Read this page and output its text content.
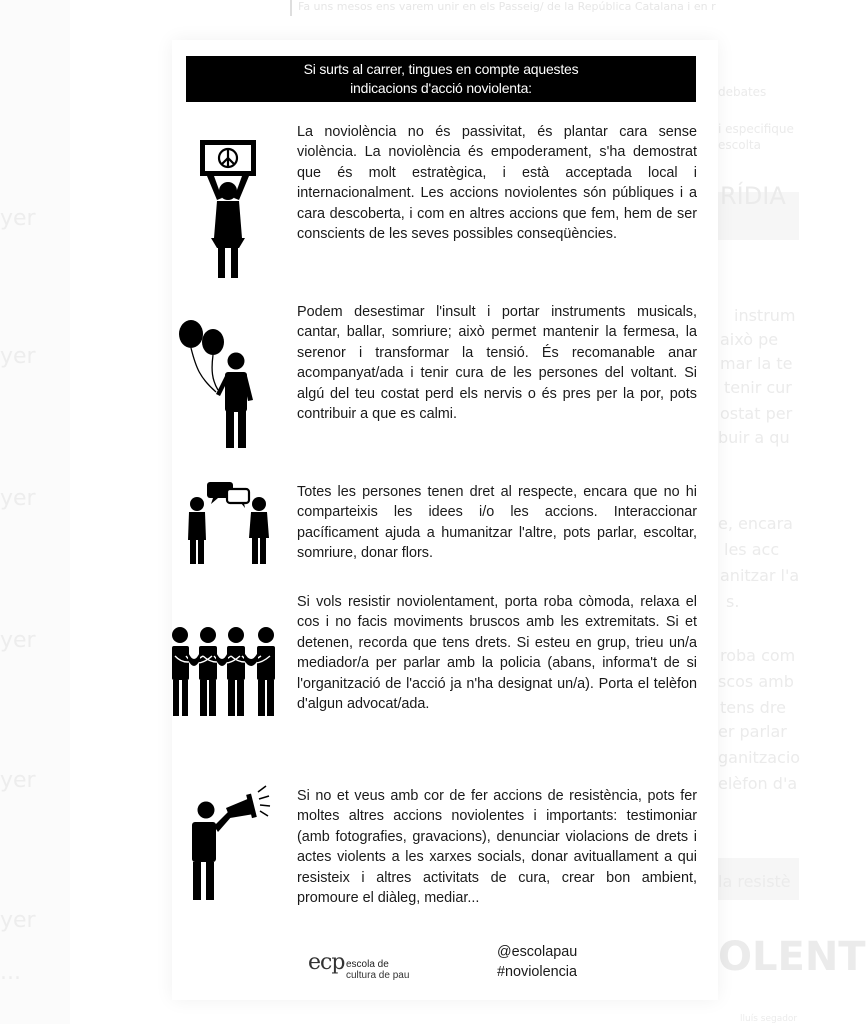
Fa uns mesos ens varem unir en els Passeig/ de la República Catalana i en r
debates
i especifique
escolta
RÍDIA
instrum
això pe
mar la te
tenir cur
ostat per
buir a qu
e, encara
les acc
anitzar l'a
s.
roba com
scos amb
tens dre
er parlar
ganitzacio
elèfon d'a
la resistè
OLENT
lluís segador
yer
yer
yer
yer
yer
yer
...
Si surts al carrer, tingues en compte aquestes
indicacions d'acció noviolenta:

La noviolència no és passivitat, és plantar cara sense violència. La noviolència és empoderament, s'ha demostrat que és molt estratègica, i està acceptada local i internacionalment. Les accions noviolentes són públiques i a cara descoberta, i com en altres accions que fem, hem de ser conscients de les seves possibles conseqüències.

Podem desestimar l'insult i portar instruments musicals, cantar, ballar, somriure; això permet mantenir la fermesa, la serenor i transformar la tensió. És recomanable anar acompanyat/ada i tenir cura de les persones del voltant. Si algú del teu costat perd els nervis o és pres per la por, pots contribuir a que es calmi.

Totes les persones tenen dret al respecte, encara que no hi comparteixis les idees i/o les accions. Interaccionar pacíficament ajuda a humanitzar l'altre, pots parlar, escoltar, somriure, donar flors.

Si vols resistir noviolentament, porta roba còmoda, relaxa el cos i no facis moviments bruscos amb les extremitats. Si et detenen, recorda que tens drets. Si esteu en grup, trieu un/a mediador/a per parlar amb la policia (abans, informa't de si l'organització de l'acció ja n'ha designat un/a). Porta el telèfon d'algun advocat/ada.

Si no et veus amb cor de fer accions de resistència, pots fer moltes altres accions noviolentes i importants: testimoniar (amb fotografies, gravacions), denunciar violacions de drets i actes violents a les xarxes socials, donar avituallament a qui resisteix i altres activitats de cura, crear bon ambient, promoure el diàleg, mediar...

ecp escola de
cultura de pau
@escolapau
#noviolencia
